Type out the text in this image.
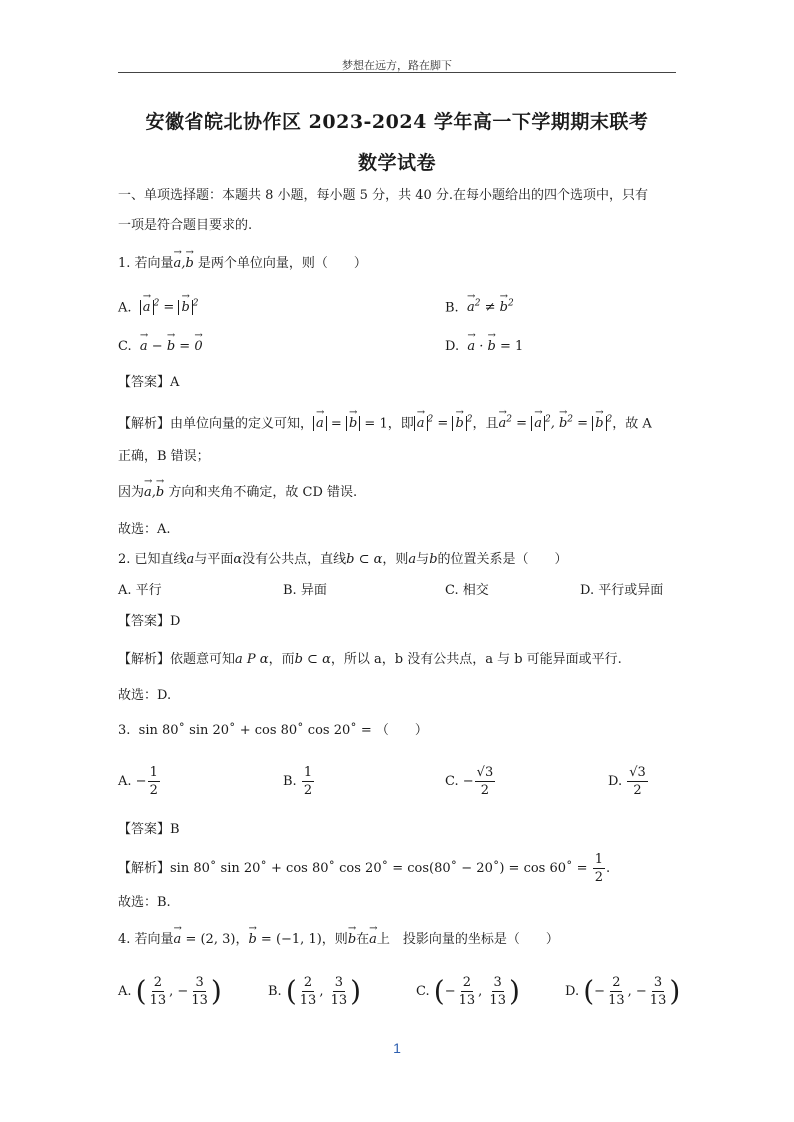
梦想在远方，路在脚下
安徽省皖北协作区 2023-2024 学年高一下学期期末联考
数学试卷
一、单项选择题：本题共 8 小题，每小题 5 分，共 40 分.在每小题给出的四个选项中，只有
一项是符合题目要求的.
1. 若向量→ a,→ b 是两个单位向量，则（　　）
A. → a $^2$ = → b $^2$	B. → $a^2$ ≠ → $b^2$
C. → a − → b = → 0	D. → a · → b = 1
【答案】A
【解析】由单位向量的定义可知， → a = → b = 1，即 → a $^2$ = → b $^2$，且→ $a^2$ = → a $^2$, → $b^2$ = → b $^2$，故 A
正确，B 错误；
因为→ a,→ b 方向和夹角不确定，故 CD 错误.
故选：A.
2. 已知直线a与平面α没有公共点，直线b ⊂ α，则a与b的位置关系是（　　）
A. 平行	B. 异面	C. 相交	D. 平行或异面
【答案】D
【解析】依题意可知a P α，而b ⊂ α，所以 a，b 没有公共点，a 与 b 可能异面或平行.
故选：D.
3. sin 80˚ sin 20˚ + cos 80˚ cos 20˚ = （　　）
A. − $\frac{1}{2}$	B. $\frac{1}{2}$	C. − $\frac{√3}{2}$	D. $\frac{√3}{2}$
【答案】B
【解析】sin 80˚ sin 20˚ + cos 80˚ cos 20˚ = cos(80˚ − 20˚) = cos 60˚ = $\frac{1}{2}$ .
故选：B.
4. 若向量→ a = (2, 3)，→ b = (−1, 1)，则→ b在→ a上　投影向量的坐标是（　　）
A. ( $\frac{2}{13}$ , − $\frac{3}{13}$ )	B. ( $\frac{2}{13}$ , $\frac{3}{13}$ )	C. (− $\frac{2}{13}$ , $\frac{3}{13}$ )	D. (− $\frac{2}{13}$ , − $\frac{3}{13}$ )
1
